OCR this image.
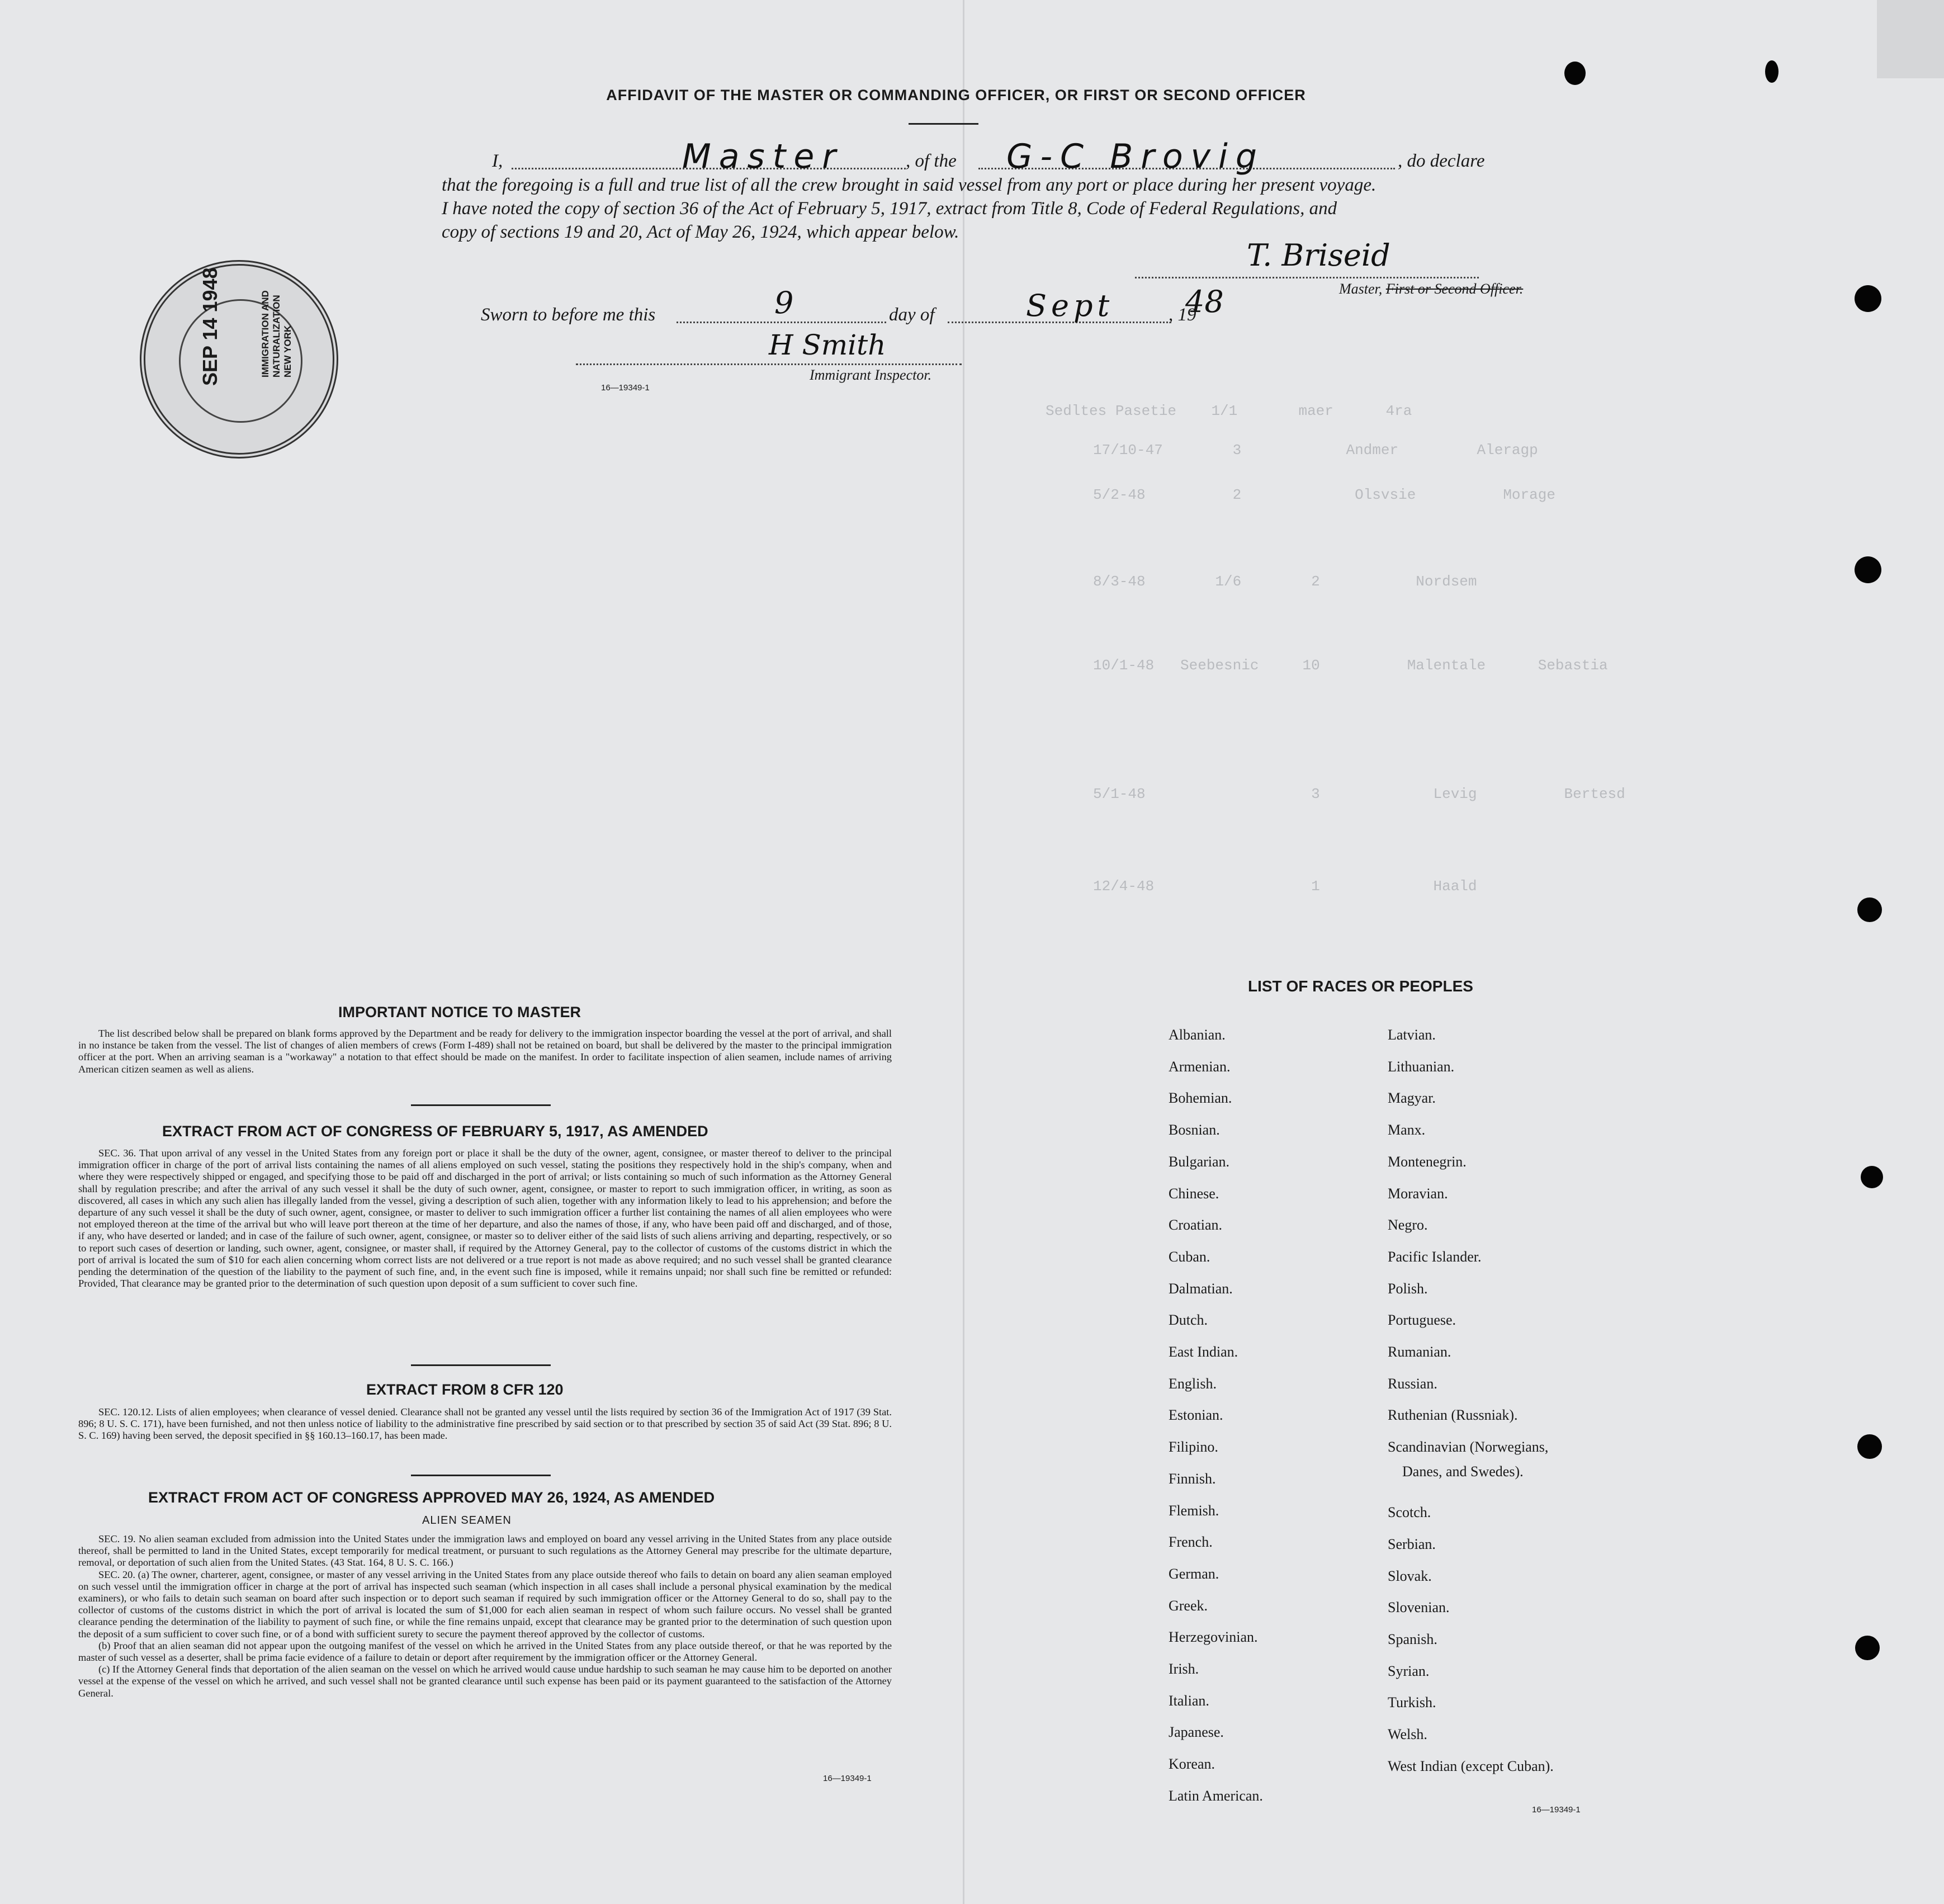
AFFIDAVIT OF THE MASTER OR COMMANDING OFFICER, OR FIRST OR SECOND OFFICER
I,	, of the	, do declare
Master	G-C Brovig
that the foregoing is a full and true list of all the crew brought in said vessel from any port or place during her present voyage.
I have noted the copy of section 36 of the Act of February 5, 1917, extract from Title 8, Code of Federal Regulations, and
copy of sections 19 and 20, Act of May 26, 1924, which appear below.
T. Briseid
Master, First or Second Officer.
Sworn to before me this	day of	, 19
9	Sept 48
H Smith
Immigrant Inspector.
16—19349-1
SEP 14 1948	IMMIGRATION AND NATURALIZATION NEW YORK
Sedltes Pasetie    1/1       maer      4ra
17/10-47        3            Andmer         Aleragp
5/2-48          2             Olsvsie          Morage
8/3-48        1/6        2           Nordsem
10/1-48   Seebesnic     10          Malentale      Sebastia
5/1-48                   3             Levig          Bertesd
12/4-48                  1             Haald
IMPORTANT NOTICE TO MASTER
The list described below shall be prepared on blank forms approved by the Department and be ready for delivery to the immigration inspector boarding the vessel at the port of arrival, and shall in no instance be taken from the vessel. The list of changes of alien members of crews (Form I-489) shall not be retained on board, but shall be delivered by the master to the principal immigration officer at the port. When an arriving seaman is a "workaway" a notation to that effect should be made on the manifest. In order to facilitate inspection of alien seamen, include names of arriving American citizen seamen as well as aliens.
EXTRACT FROM ACT OF CONGRESS OF FEBRUARY 5, 1917, AS AMENDED
SEC. 36. That upon arrival of any vessel in the United States from any foreign port or place it shall be the duty of the owner, agent, consignee, or master thereof to deliver to the principal immigration officer in charge of the port of arrival lists containing the names of all aliens employed on such vessel, stating the positions they respectively hold in the ship's company, when and where they were respectively shipped or engaged, and specifying those to be paid off and discharged in the port of arrival; or lists containing so much of such information as the Attorney General shall by regulation prescribe; and after the arrival of any such vessel it shall be the duty of such owner, agent, consignee, or master to report to such immigration officer, in writing, as soon as discovered, all cases in which any such alien has illegally landed from the vessel, giving a description of such alien, together with any information likely to lead to his apprehension; and before the departure of any such vessel it shall be the duty of such owner, agent, consignee, or master to deliver to such immigration officer a further list containing the names of all alien employees who were not employed thereon at the time of the arrival but who will leave port thereon at the time of her departure, and also the names of those, if any, who have been paid off and discharged, and of those, if any, who have deserted or landed; and in case of the failure of such owner, agent, consignee, or master so to deliver either of the said lists of such aliens arriving and departing, respectively, or so to report such cases of desertion or landing, such owner, agent, consignee, or master shall, if required by the Attorney General, pay to the collector of customs of the customs district in which the port of arrival is located the sum of $10 for each alien concerning whom correct lists are not delivered or a true report is not made as above required; and no such vessel shall be granted clearance pending the determination of the question of the liability to the payment of such fine, and, in the event such fine is imposed, while it remains unpaid; nor shall such fine be remitted or refunded: Provided, That clearance may be granted prior to the determination of such question upon deposit of a sum sufficient to cover such fine.
EXTRACT FROM 8 CFR 120
SEC. 120.12. Lists of alien employees; when clearance of vessel denied. Clearance shall not be granted any vessel until the lists required by section 36 of the Immigration Act of 1917 (39 Stat. 896; 8 U. S. C. 171), have been furnished, and not then unless notice of liability to the administrative fine prescribed by said section or to that prescribed by section 35 of said Act (39 Stat. 896; 8 U. S. C. 169) having been served, the deposit specified in §§ 160.13–160.17, has been made.
EXTRACT FROM ACT OF CONGRESS APPROVED MAY 26, 1924, AS AMENDED
ALIEN SEAMEN

SEC. 19. No alien seaman excluded from admission into the United States under the immigration laws and employed on board any vessel arriving in the United States from any place outside thereof, shall be permitted to land in the United States, except temporarily for medical treatment, or pursuant to such regulations as the Attorney General may prescribe for the ultimate departure, removal, or deportation of such alien from the United States. (43 Stat. 164, 8 U. S. C. 166.)

SEC. 20. (a) The owner, charterer, agent, consignee, or master of any vessel arriving in the United States from any place outside thereof who fails to detain on board any alien seaman employed on such vessel until the immigration officer in charge at the port of arrival has inspected such seaman (which inspection in all cases shall include a personal physical examination by the medical examiners), or who fails to detain such seaman on board after such inspection or to deport such seaman if required by such immigration officer or the Attorney General to do so, shall pay to the collector of customs of the customs district in which the port of arrival is located the sum of $1,000 for each alien seaman in respect of whom such failure occurs. No vessel shall be granted clearance pending the determination of the liability to payment of such fine, or while the fine remains unpaid, except that clearance may be granted prior to the determination of such question upon the deposit of a sum sufficient to cover such fine, or of a bond with sufficient surety to secure the payment thereof approved by the collector of customs.

(b) Proof that an alien seaman did not appear upon the outgoing manifest of the vessel on which he arrived in the United States from any place outside thereof, or that he was reported by the master of such vessel as a deserter, shall be prima facie evidence of a failure to detain or deport after requirement by the immigration officer or the Attorney General.

(c) If the Attorney General finds that deportation of the alien seaman on the vessel on which he arrived would cause undue hardship to such seaman he may cause him to be deported on another vessel at the expense of the vessel on which he arrived, and such vessel shall not be granted clearance until such expense has been paid or its payment guaranteed to the satisfaction of the Attorney General.

16—19349-1
LIST OF RACES OR PEOPLES
Albanian.
Armenian.
Bohemian.
Bosnian.
Bulgarian.
Chinese.
Croatian.
Cuban.
Dalmatian.
Dutch.
East Indian.
English.
Estonian.
Filipino.
Finnish.
Flemish.
French.
German.
Greek.
Herzegovinian.
Irish.
Italian.
Japanese.
Korean.
Latin American.
Latvian.
Lithuanian.
Magyar.
Manx.
Montenegrin.
Moravian.
Negro.
Pacific Islander.
Polish.
Portuguese.
Rumanian.
Russian.
Ruthenian (Russniak).
Scandinavian (Norwegians,
Danes, and Swedes).
Scotch.
Serbian.
Slovak.
Slovenian.
Spanish.
Syrian.
Turkish.
Welsh.
West Indian (except Cuban).
16—19349-1
